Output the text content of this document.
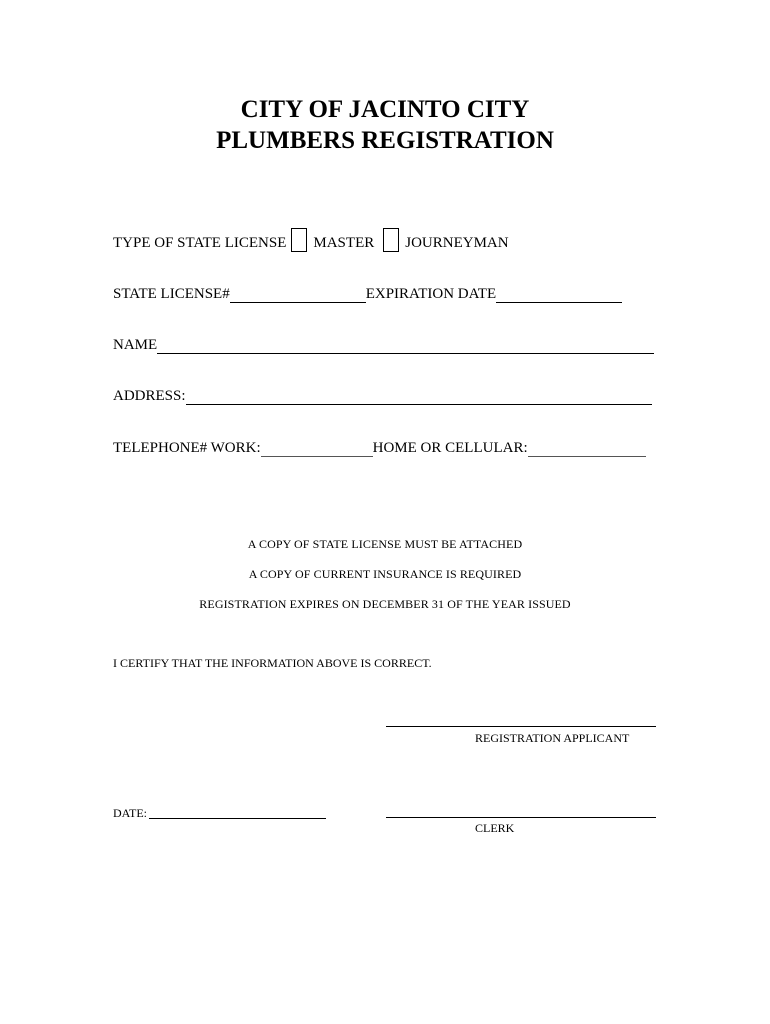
CITY OF JACINTO CITY
PLUMBERS REGISTRATION
TYPE OF STATE LICENSE MASTER JOURNEYMAN
STATE LICENSE#	EXPIRATION DATE
NAME
ADDRESS:
TELEPHONE# WORK:	HOME OR CELLULAR:
A COPY OF STATE LICENSE MUST BE ATTACHED
A COPY OF CURRENT INSURANCE IS REQUIRED
REGISTRATION EXPIRES ON DECEMBER 31 OF THE YEAR ISSUED
I CERTIFY THAT THE INFORMATION ABOVE IS CORRECT.
REGISTRATION APPLICANT
DATE:
CLERK
